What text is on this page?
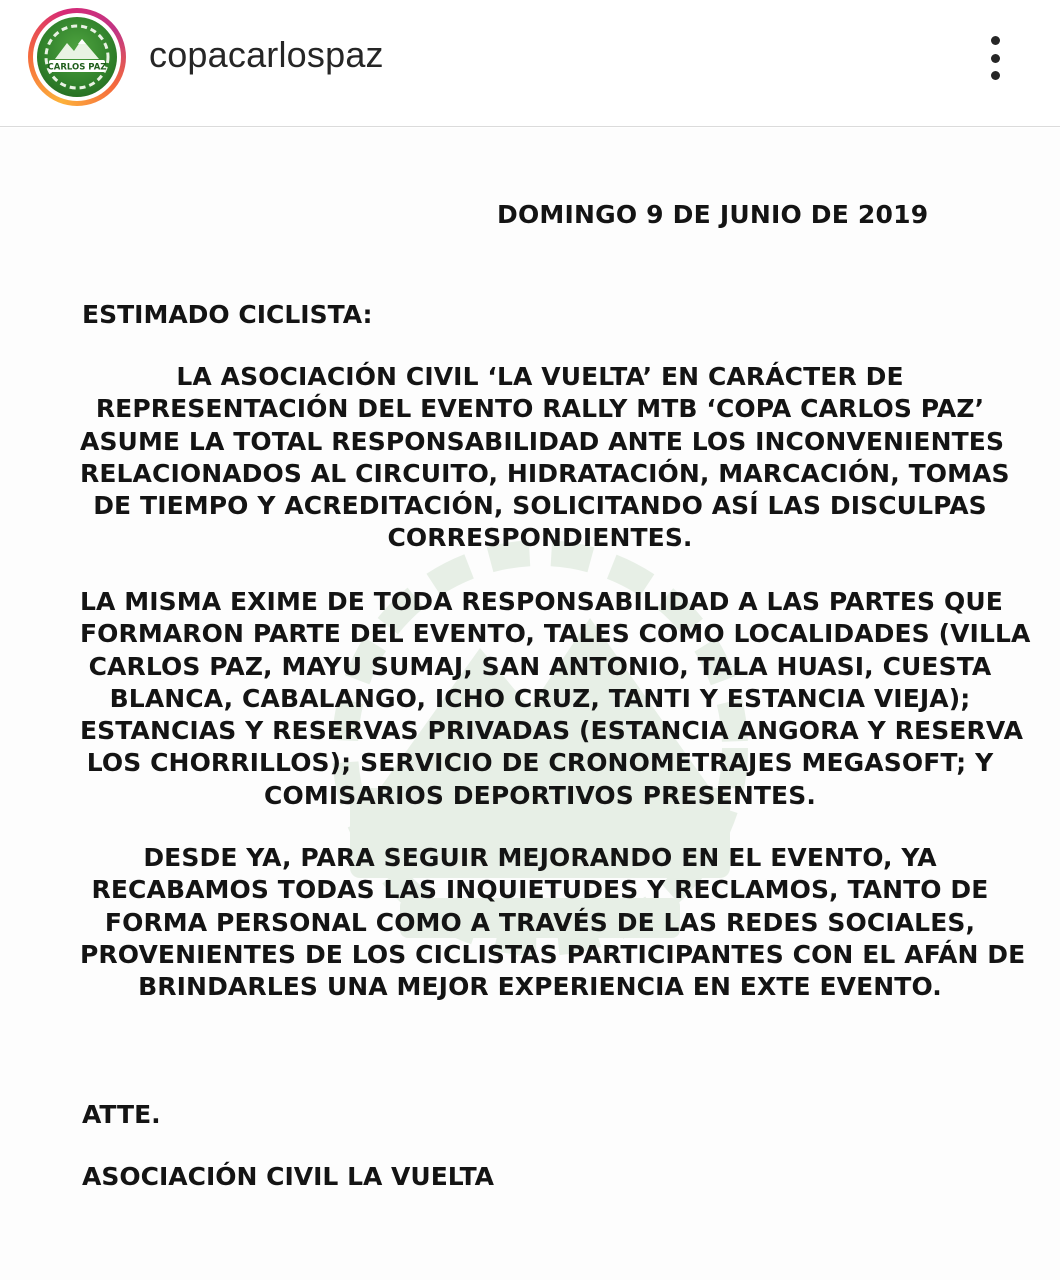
CARLOS PAZ copacarlospaz
DOMINGO 9 DE JUNIO DE 2019
ESTIMADO CICLISTA:
LA ASOCIACIÓN CIVIL ‘LA VUELTA’ EN CARÁCTER DE
REPRESENTACIÓN DEL EVENTO RALLY MTB ‘COPA CARLOS PAZ’
ASUME LA TOTAL RESPONSABILIDAD ANTE LOS INCONVENIENTES
RELACIONADOS AL CIRCUITO, HIDRATACIÓN, MARCACIÓN, TOMAS
DE TIEMPO Y ACREDITACIÓN, SOLICITANDO ASÍ LAS DISCULPAS
CORRESPONDIENTES.
LA MISMA EXIME DE TODA RESPONSABILIDAD A LAS PARTES QUE
FORMARON PARTE DEL EVENTO, TALES COMO LOCALIDADES (VILLA
CARLOS PAZ, MAYU SUMAJ, SAN ANTONIO, TALA HUASI, CUESTA
BLANCA, CABALANGO, ICHO CRUZ, TANTI Y ESTANCIA VIEJA);
ESTANCIAS Y RESERVAS PRIVADAS (ESTANCIA ANGORA Y RESERVA
LOS CHORRILLOS); SERVICIO DE CRONOMETRAJES MEGASOFT; Y
COMISARIOS DEPORTIVOS PRESENTES.
DESDE YA, PARA SEGUIR MEJORANDO EN EL EVENTO, YA
RECABAMOS TODAS LAS INQUIETUDES Y RECLAMOS, TANTO DE
FORMA PERSONAL COMO A TRAVÉS DE LAS REDES SOCIALES,
PROVENIENTES DE LOS CICLISTAS PARTICIPANTES CON EL AFÁN DE
BRINDARLES UNA MEJOR EXPERIENCIA EN EXTE EVENTO.
ATTE.
ASOCIACIÓN CIVIL LA VUELTA
